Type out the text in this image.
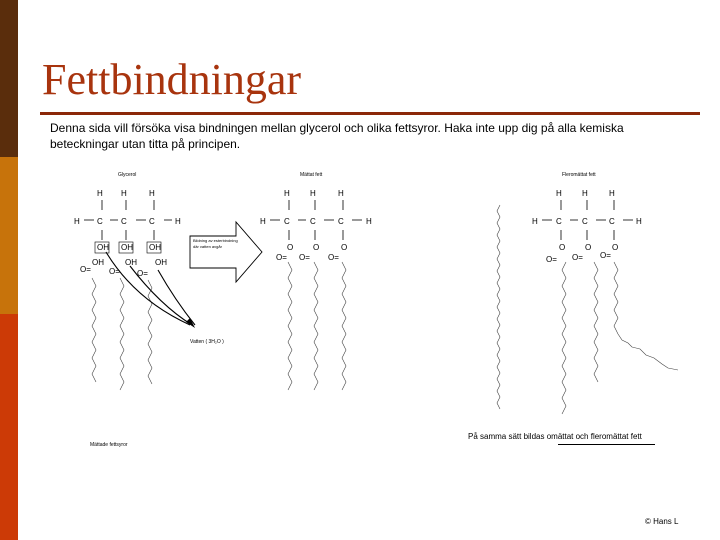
Fettbindningar

Denna sida vill försöka visa bindningen mellan glycerol och olika fettsyror. Haka inte upp dig på alla kemiska beteckningar utan titta på principen.

Glycerol	Mättat fett	Fleromättat fett
H H	H
H C C	C	H
OH OH OH
OH	OH OH
O= O= O=
Vatten ( 3H₂O )
Bildning av esterbindning där vatten avgår
H	H	H
H C	C	C	H
O O	O
O= O= O=
H	H	H
H C	C	C	H
O O	O
O= O= O=
Mättade fettsyror
På samma sätt bildas omättat och fleromättat fett
© Hans L
